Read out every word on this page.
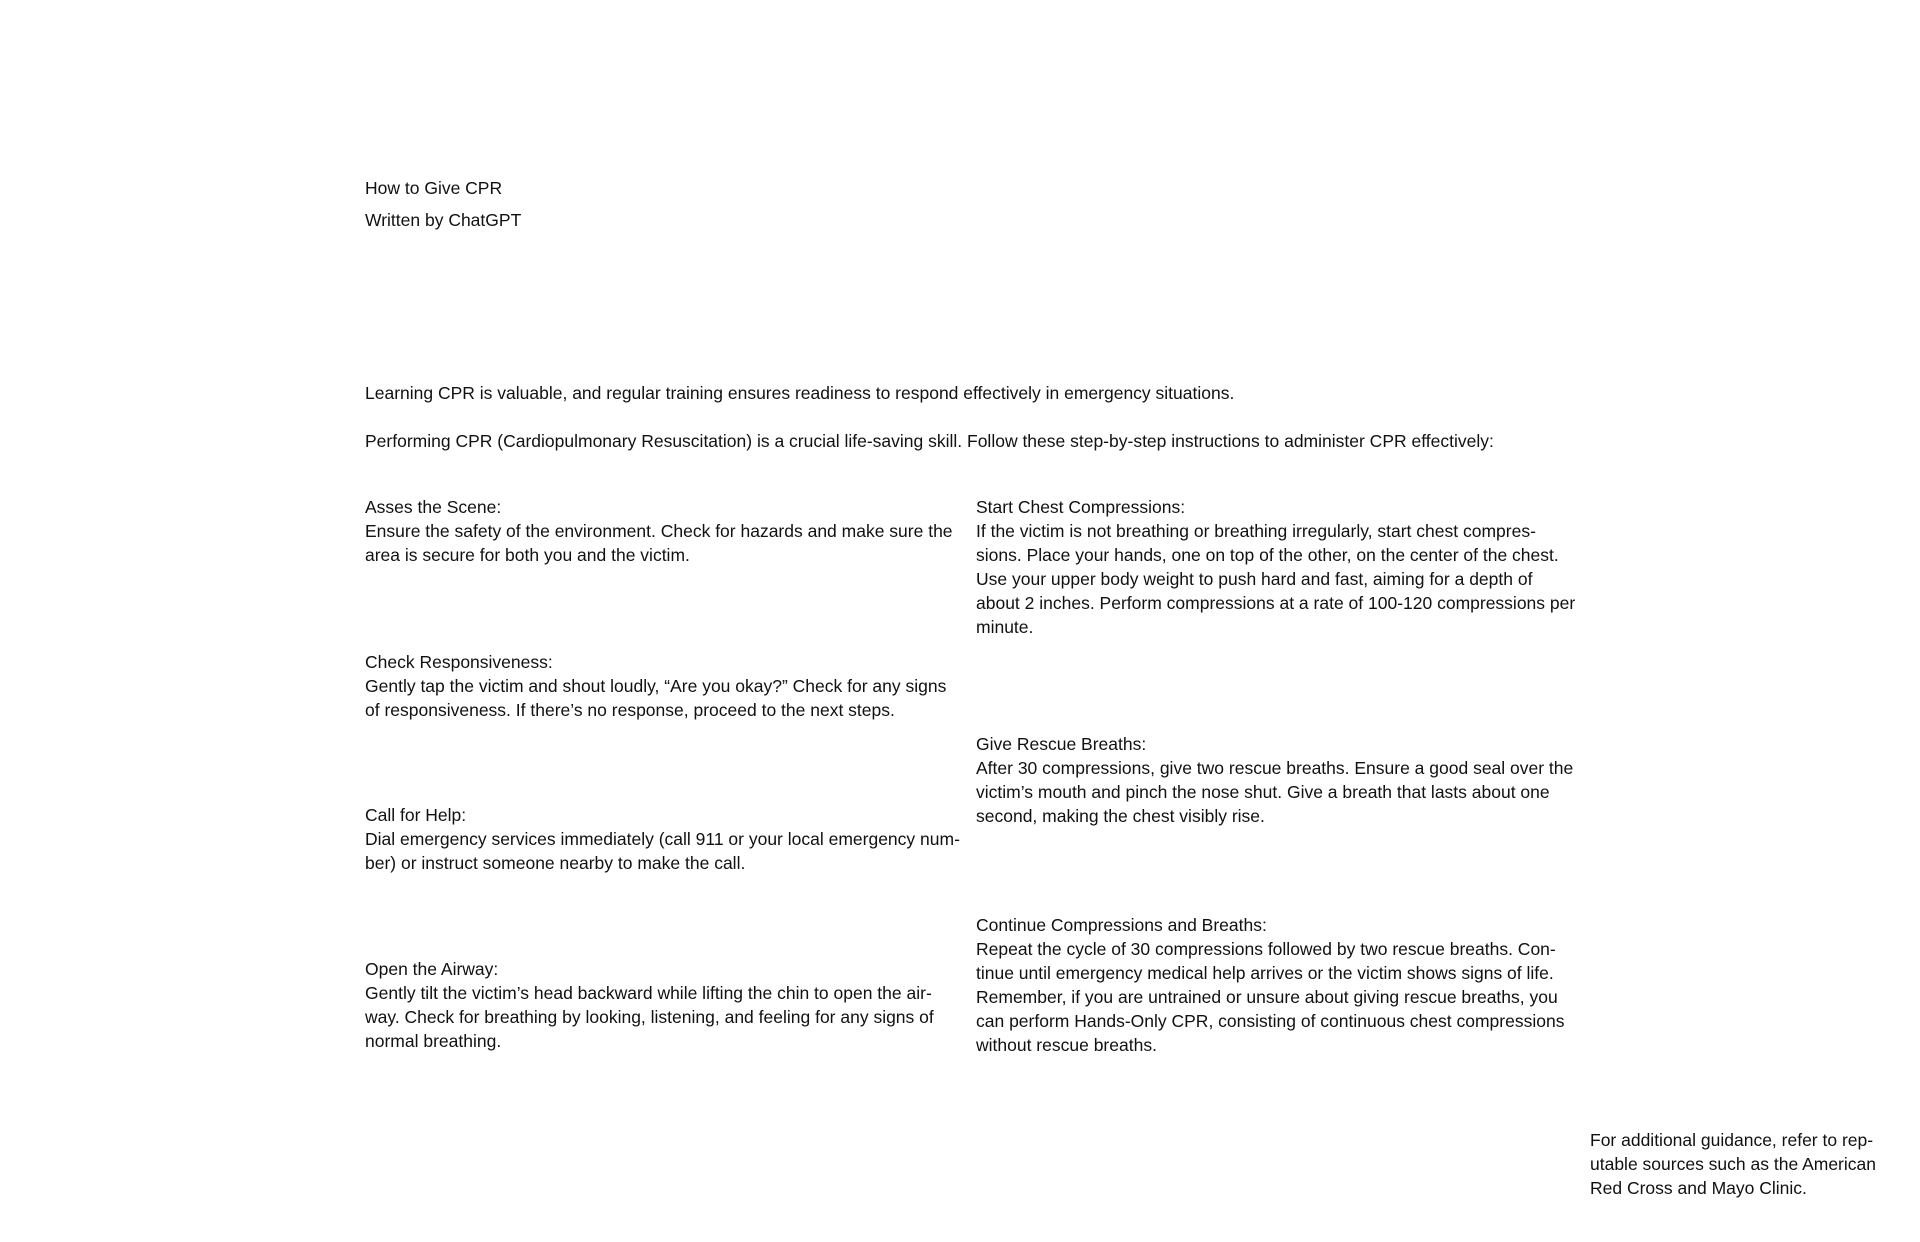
How to Give CPR
Written by ChatGPT

Learning CPR is valuable, and regular training ensures readiness to respond effectively in emergency situations.

Performing CPR (Cardiopulmonary Resuscitation) is a crucial life-saving skill. Follow these step-by-step instructions to administer CPR effectively:

Asses the Scene:
Ensure the safety of the environment. Check for hazards and make sure the
area is secure for both you and the victim.
Check Responsiveness:
Gently tap the victim and shout loudly, “Are you okay?” Check for any signs
of responsiveness. If there’s no response, proceed to the next steps.
Call for Help:
Dial emergency services immediately (call 911 or your local emergency num-
ber) or instruct someone nearby to make the call.
Open the Airway:
Gently tilt the victim’s head backward while lifting the chin to open the air-
way. Check for breathing by looking, listening, and feeling for any signs of
normal breathing.
Start Chest Compressions:
If the victim is not breathing or breathing irregularly, start chest compres-
sions. Place your hands, one on top of the other, on the center of the chest.
Use your upper body weight to push hard and fast, aiming for a depth of
about 2 inches. Perform compressions at a rate of 100-120 compressions per
minute.
Give Rescue Breaths:
After 30 compressions, give two rescue breaths. Ensure a good seal over the
victim’s mouth and pinch the nose shut. Give a breath that lasts about one
second, making the chest visibly rise.
Continue Compressions and Breaths:
Repeat the cycle of 30 compressions followed by two rescue breaths. Con-
tinue until emergency medical help arrives or the victim shows signs of life.
Remember, if you are untrained or unsure about giving rescue breaths, you
can perform Hands-Only CPR, consisting of continuous chest compressions
without rescue breaths.
For additional guidance, refer to rep-
utable sources such as the American
Red Cross and Mayo Clinic.
